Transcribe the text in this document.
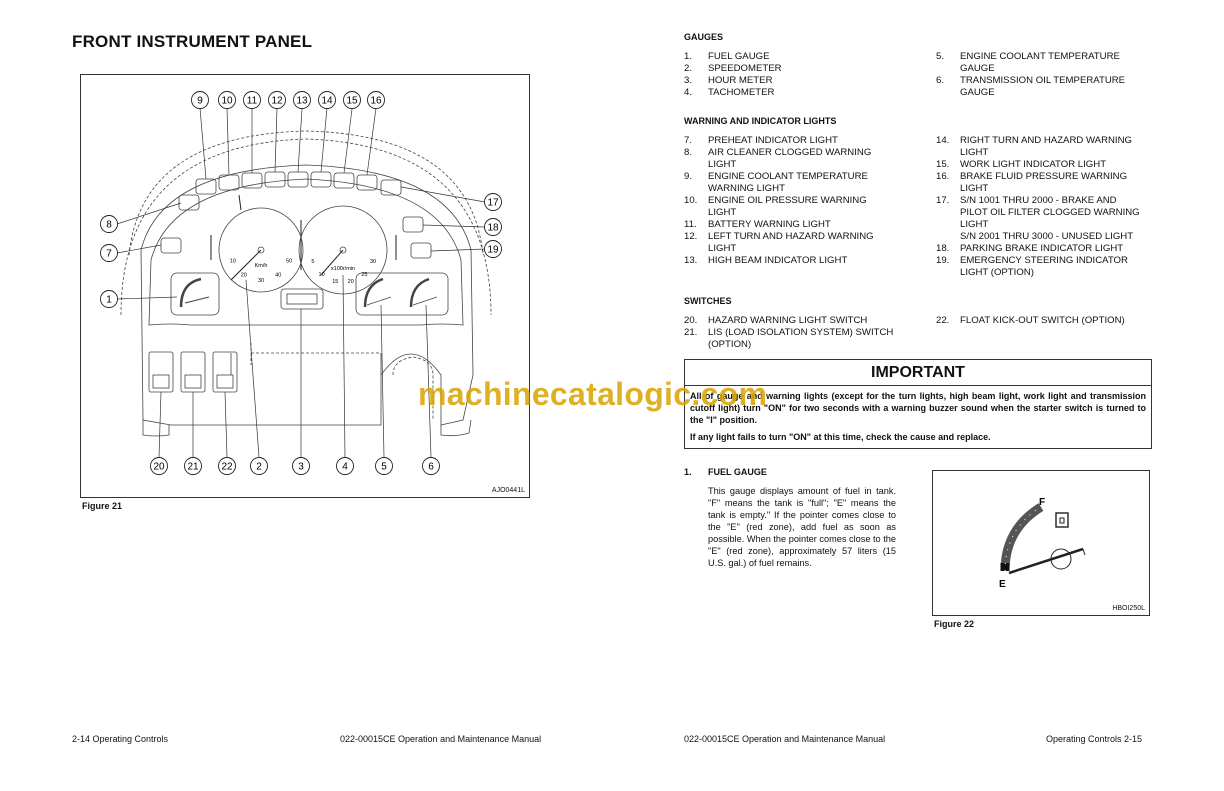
FRONT INSTRUMENT PANEL
9 10 11 12 13 14 15 16
8
7
1
17
18
19
20 21 22 2	3	4	5	6
10
20
30
40
50	5
10
15 20
25
30
Km/h	x100r/min
AJO0441L
Figure 21
2-14 Operating Controls	022-00015CE Operation and Maintenance Manual
GAUGES
1.	FUEL GAUGE
2.	SPEEDOMETER
3.	HOUR METER
4.	TACHOMETER
5.	ENGINE COOLANT TEMPERATURE
GAUGE
6.	TRANSMISSION OIL TEMPERATURE
GAUGE
WARNING AND INDICATOR LIGHTS
7.	PREHEAT INDICATOR LIGHT
8.	AIR CLEANER CLOGGED WARNING
LIGHT
9.	ENGINE COOLANT TEMPERATURE
WARNING LIGHT
10.	ENGINE OIL PRESSURE WARNING
LIGHT
11.	BATTERY WARNING LIGHT
12.	LEFT TURN AND HAZARD WARNING
LIGHT
13.	HIGH BEAM INDICATOR LIGHT
14.	RIGHT TURN AND HAZARD WARNING
LIGHT
15.	WORK LIGHT INDICATOR LIGHT
16.	BRAKE FLUID PRESSURE WARNING
LIGHT
17.	S/N 1001 THRU 2000 - BRAKE AND
PILOT OIL FILTER CLOGGED WARNING
LIGHT
S/N 2001 THRU 3000 - UNUSED LIGHT
18.	PARKING BRAKE INDICATOR LIGHT
19.	EMERGENCY STEERING INDICATOR
LIGHT (OPTION)
SWITCHES
20.	HAZARD WARNING LIGHT SWITCH
21.	LIS (LOAD ISOLATION SYSTEM) SWITCH
(OPTION)
22.	FLOAT KICK-OUT SWITCH (OPTION)
IMPORTANT

All of gauge and warning lights (except for the turn lights, high beam light, work light and transmission cutoff light) turn "ON" for two seconds with a warning buzzer sound when the starter switch is turned to the "I" position.

If any light fails to turn "ON" at this time, check the cause and replace.

machinecatalogic.com
1. FUEL GAUGE
This gauge displays amount of fuel in tank. "F" means the tank is "full"; "E" means the tank is empty." If the pointer comes close to the "E" (red zone), add fuel as soon as possible. When the pointer comes close to the "E" (red zone), approximately 57 liters (15 U.S. gal.) of fuel remains.
F
E
HBOI250L
Figure 22
022-00015CE Operation and Maintenance Manual	Operating Controls 2-15
